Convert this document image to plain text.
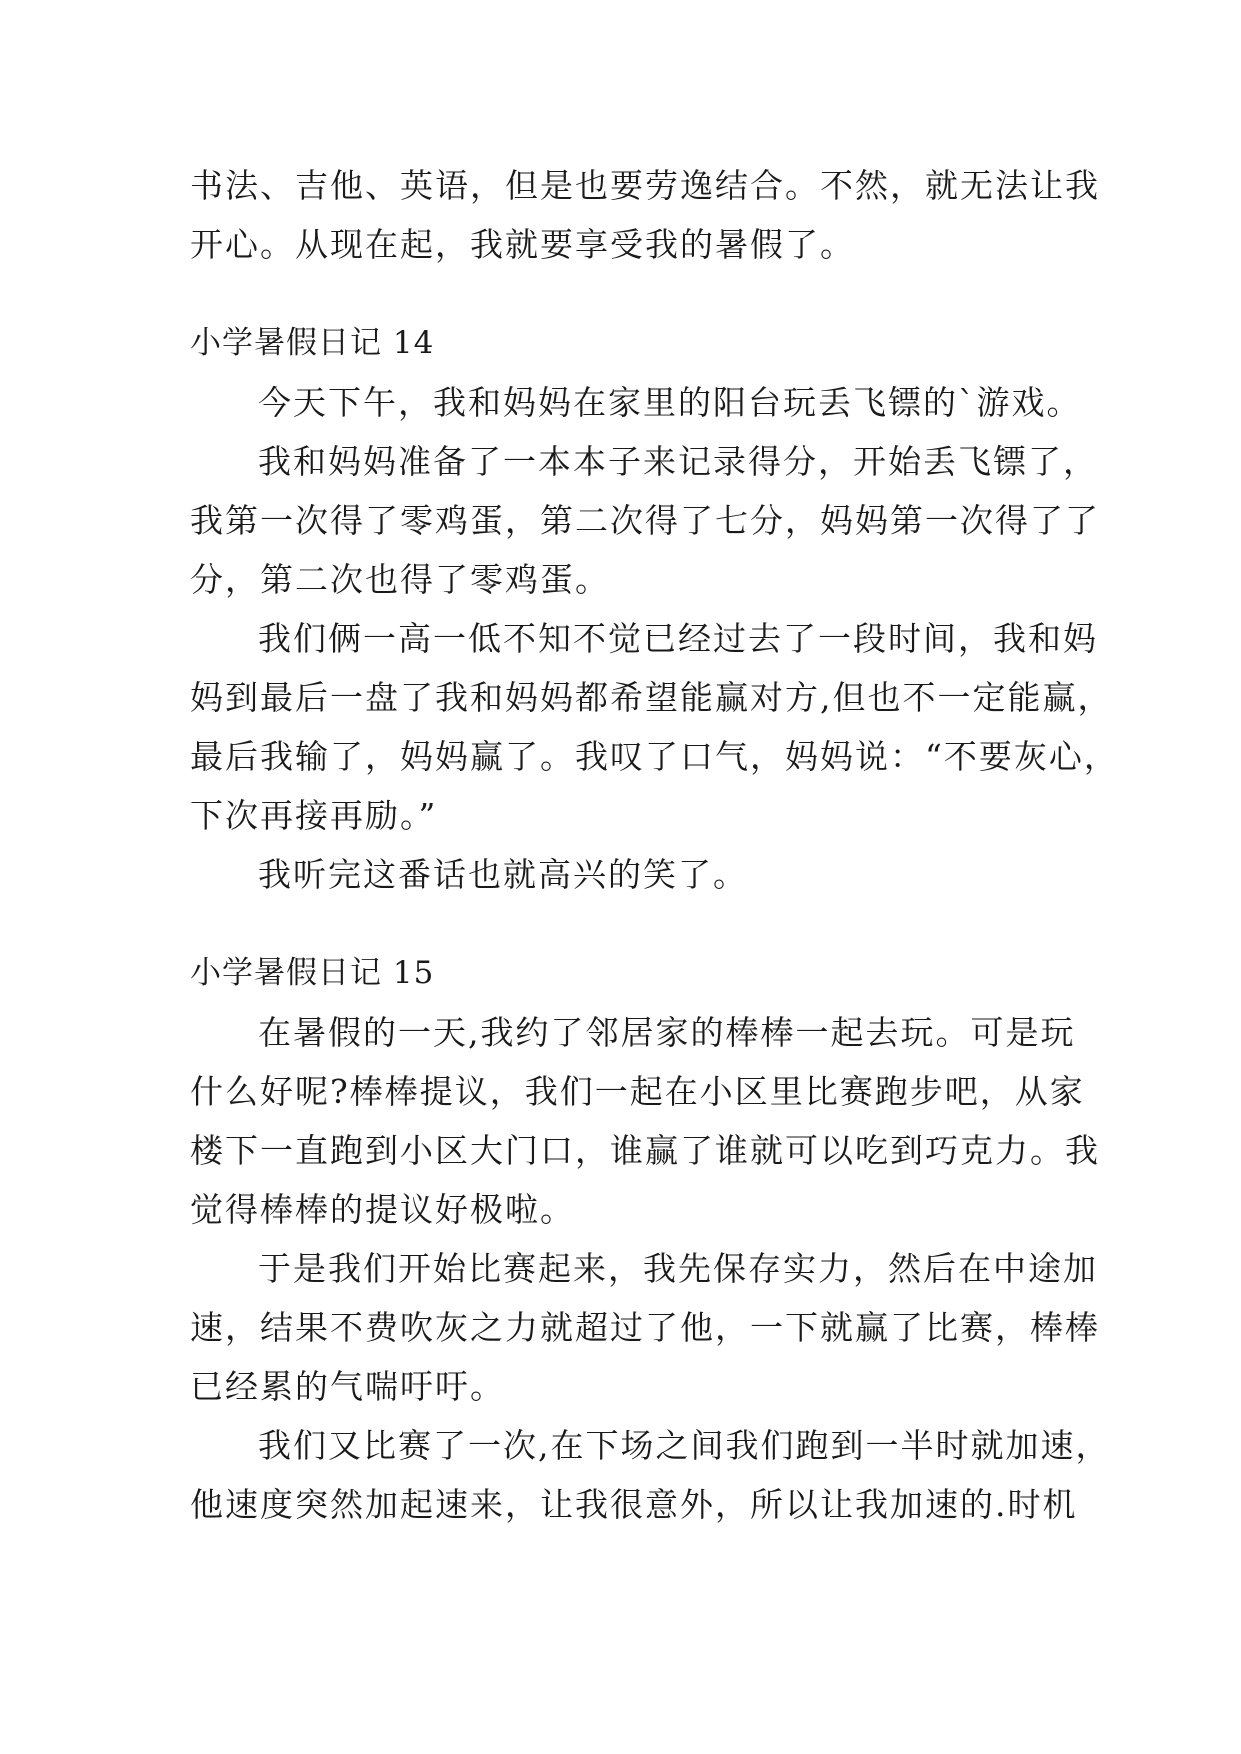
书法、吉他、英语，但是也要劳逸结合。不然，就无法让我
开心。从现在起，我就要享受我的暑假了。
小学暑假日记 14
今天下午，我和妈妈在家里的阳台玩丢飞镖的`游戏。
我和妈妈准备了一本本子来记录得分，开始丢飞镖了，
我第一次得了零鸡蛋，第二次得了七分，妈妈第一次得了了
分，第二次也得了零鸡蛋。
我们俩一高一低不知不觉已经过去了一段时间，我和妈
妈到最后一盘了我和妈妈都希望能赢对方,但也不一定能赢，
最后我输了，妈妈赢了。我叹了口气，妈妈说：“不要灰心，
下次再接再励。”
我听完这番话也就高兴的笑了。
小学暑假日记 15
在暑假的一天,我约了邻居家的棒棒一起去玩。可是玩
什么好呢?棒棒提议，我们一起在小区里比赛跑步吧，从家
楼下一直跑到小区大门口，谁赢了谁就可以吃到巧克力。我
觉得棒棒的提议好极啦。
于是我们开始比赛起来，我先保存实力，然后在中途加
速，结果不费吹灰之力就超过了他，一下就赢了比赛，棒棒
已经累的气喘吁吁。
我们又比赛了一次,在下场之间我们跑到一半时就加速，
他速度突然加起速来，让我很意外，所以让我加速的.时机
